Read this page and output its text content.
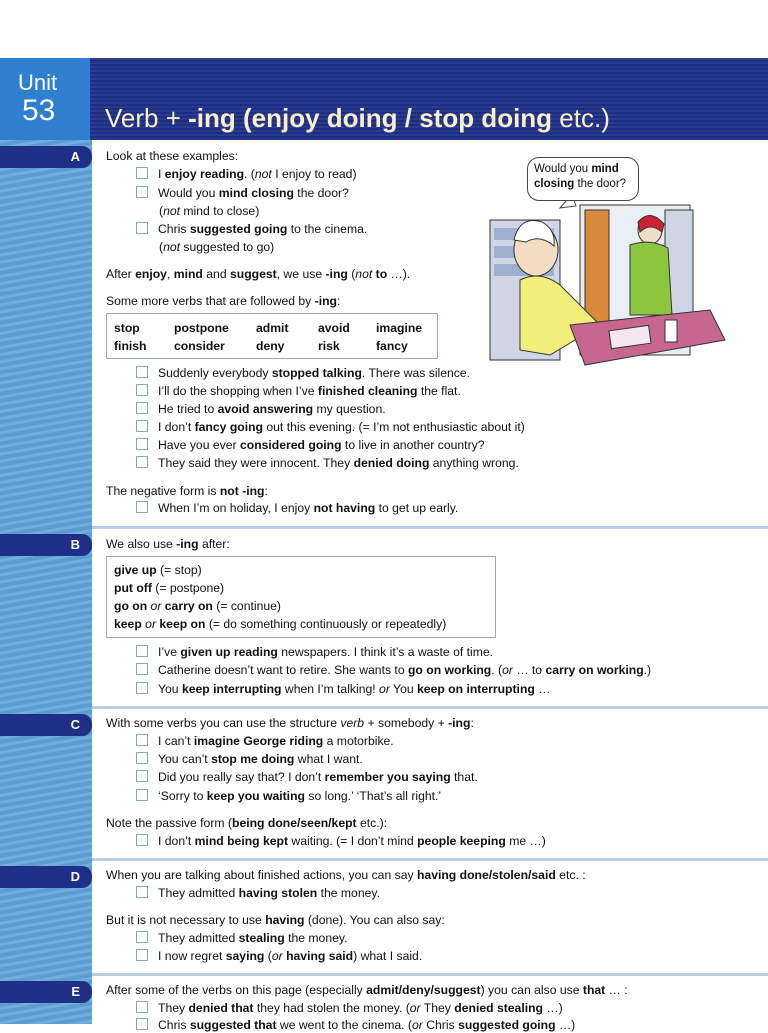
Unit
53 Verb + -ing (enjoy doing / stop doing etc.)
A
B
C
D
E
Would you mind
closing the door?
Look at these examples:
I enjoy reading. (not I enjoy to read)
Would you mind closing the door?
(not mind to close)
Chris suggested going to the cinema.
(not suggested to go)
After enjoy, mind and suggest, we use -ing (not to …).
Some more verbs that are followed by -ing:
stop	postpone admit avoid imagine
finish consider	deny	risk	fancy
Suddenly everybody stopped talking. There was silence.
I’ll do the shopping when I’ve finished cleaning the flat.
He tried to avoid answering my question.
I don’t fancy going out this evening. (= I’m not enthusiastic about it)
Have you ever considered going to live in another country?
They said they were innocent. They denied doing anything wrong.
The negative form is not -ing:
When I’m on holiday, I enjoy not having to get up early.
We also use -ing after:
give up (= stop)
put off (= postpone)
go on or carry on (= continue)
keep or keep on (= do something continuously or repeatedly)
I’ve given up reading newspapers. I think it’s a waste of time.
Catherine doesn’t want to retire. She wants to go on working. (or … to carry on working.)
You keep interrupting when I’m talking! or You keep on interrupting …
With some verbs you can use the structure verb + somebody + -ing:
I can’t imagine George riding a motorbike.
You can’t stop me doing what I want.
Did you really say that? I don’t remember you saying that.
‘Sorry to keep you waiting so long.’ ‘That’s all right.’
Note the passive form (being done/seen/kept etc.):
I don’t mind being kept waiting. (= I don’t mind people keeping me …)
When you are talking about finished actions, you can say having done/stolen/said etc. :
They admitted having stolen the money.
But it is not necessary to use having (done). You can also say:
They admitted stealing the money.
I now regret saying (or having said) what I said.
After some of the verbs on this page (especially admit/deny/suggest) you can also use that … :
They denied that they had stolen the money. (or They denied stealing …)
Chris suggested that we went to the cinema. (or Chris suggested going …)
